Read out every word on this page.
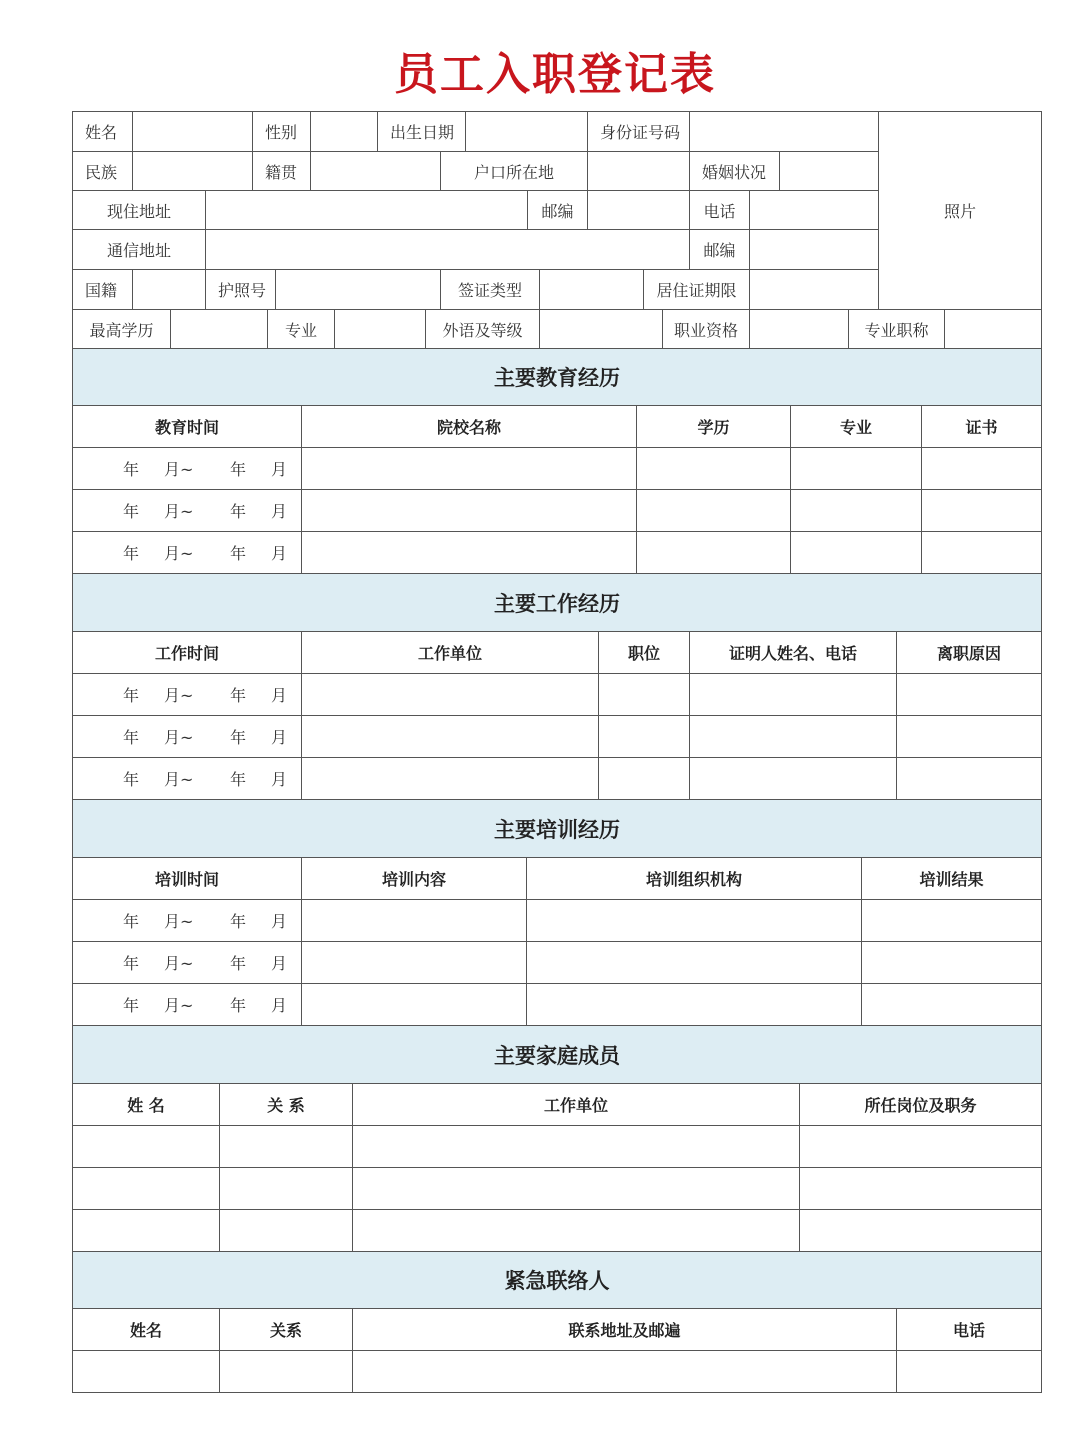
员工入职登记表
姓名	性别	出生日期	身份证号码
照片
民族	籍贯	户口所在地	婚姻状况
现住地址	邮编	电话
通信地址	邮编
国籍	护照号	签证类型	居住证期限
最高学历	专业	外语及等级	职业资格	专业职称
主要教育经历
教育时间	院校名称	学历	专业	证书
年 月~ 年 月
年 月~ 年 月
年 月~ 年 月
主要工作经历
工作时间	工作单位	职位	证明人姓名、电话	离职原因
年 月~ 年 月
年 月~ 年 月
年 月~ 年 月
主要培训经历
培训时间	培训内容	培训组织机构	培训结果
年 月~ 年 月
年 月~ 年 月
年 月~ 年 月
主要家庭成员
姓 名	关 系	工作单位	所任岗位及职务
紧急联络人
姓名	关系	联系地址及邮遍	电话
